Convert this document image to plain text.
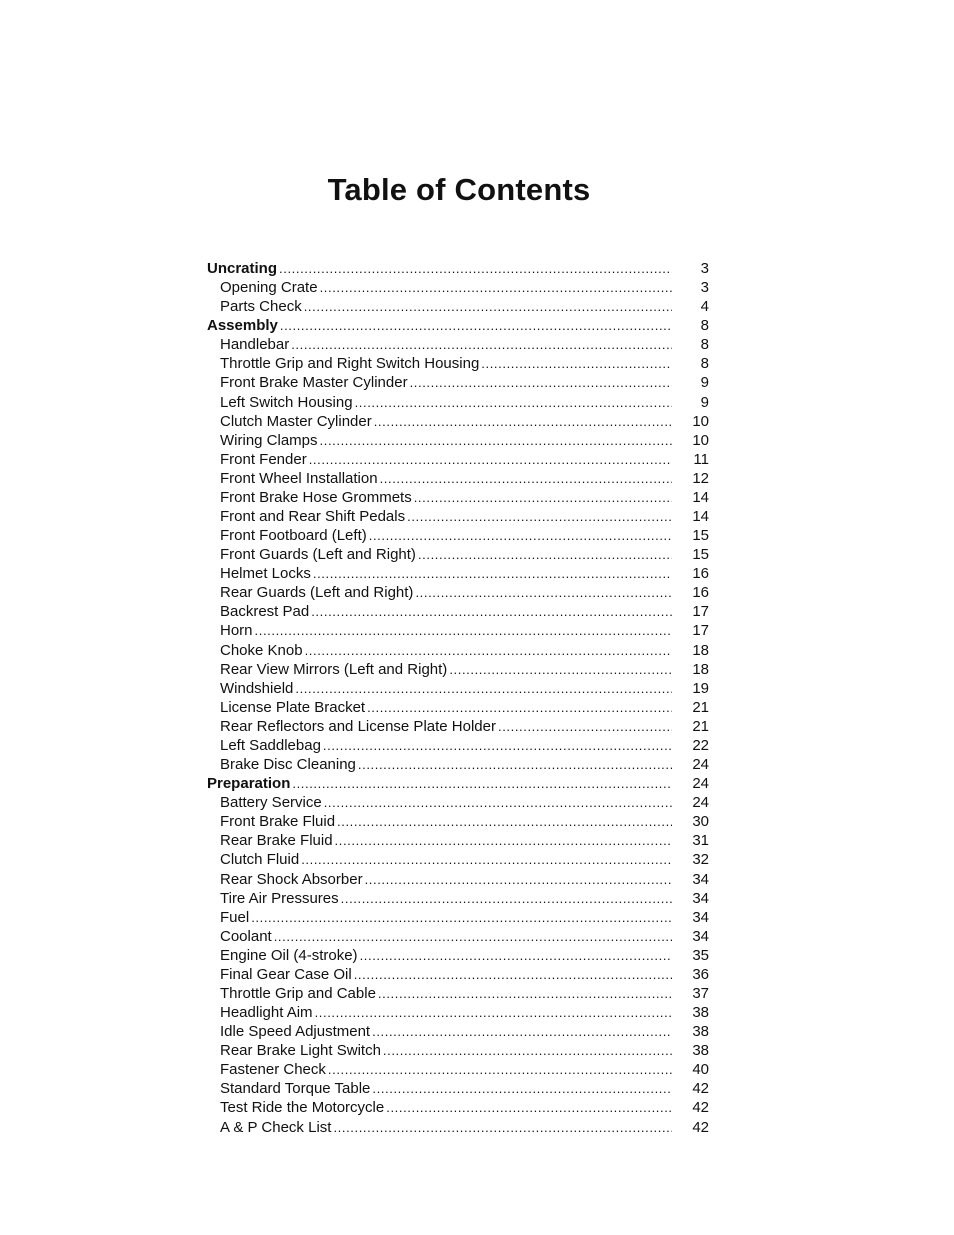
Table of Contents
Uncrating .....	3
Opening Crate .....	3
Parts Check .....	4
Assembly .....	8
Handlebar .....	8
Throttle Grip and Right Switch Housing .....	8
Front Brake Master Cylinder .....	9
Left Switch Housing .....	9
Clutch Master Cylinder .....	10
Wiring Clamps .....	10
Front Fender .....	11
Front Wheel Installation .....	12
Front Brake Hose Grommets .....	14
Front and Rear Shift Pedals .....	14
Front Footboard (Left) .....	15
Front Guards (Left and Right) .....	15
Helmet Locks .....	16
Rear Guards (Left and Right) .....	16
Backrest Pad .....	17
Horn .....	17
Choke Knob .....	18
Rear View Mirrors (Left and Right) .....	18
Windshield .....	19
License Plate Bracket .....	21
Rear Reflectors and License Plate Holder .....	21
Left Saddlebag .....	22
Brake Disc Cleaning .....	24
Preparation .....	24
Battery Service .....	24
Front Brake Fluid .....	30
Rear Brake Fluid .....	31
Clutch Fluid .....	32
Rear Shock Absorber .....	34
Tire Air Pressures .....	34
Fuel .....	34
Coolant .....	34
Engine Oil (4-stroke) .....	35
Final Gear Case Oil .....	36
Throttle Grip and Cable .....	37
Headlight Aim .....	38
Idle Speed Adjustment .....	38
Rear Brake Light Switch .....	38
Fastener Check .....	40
Standard Torque Table .....	42
Test Ride the Motorcycle .....	42
A & P Check List .....	42
